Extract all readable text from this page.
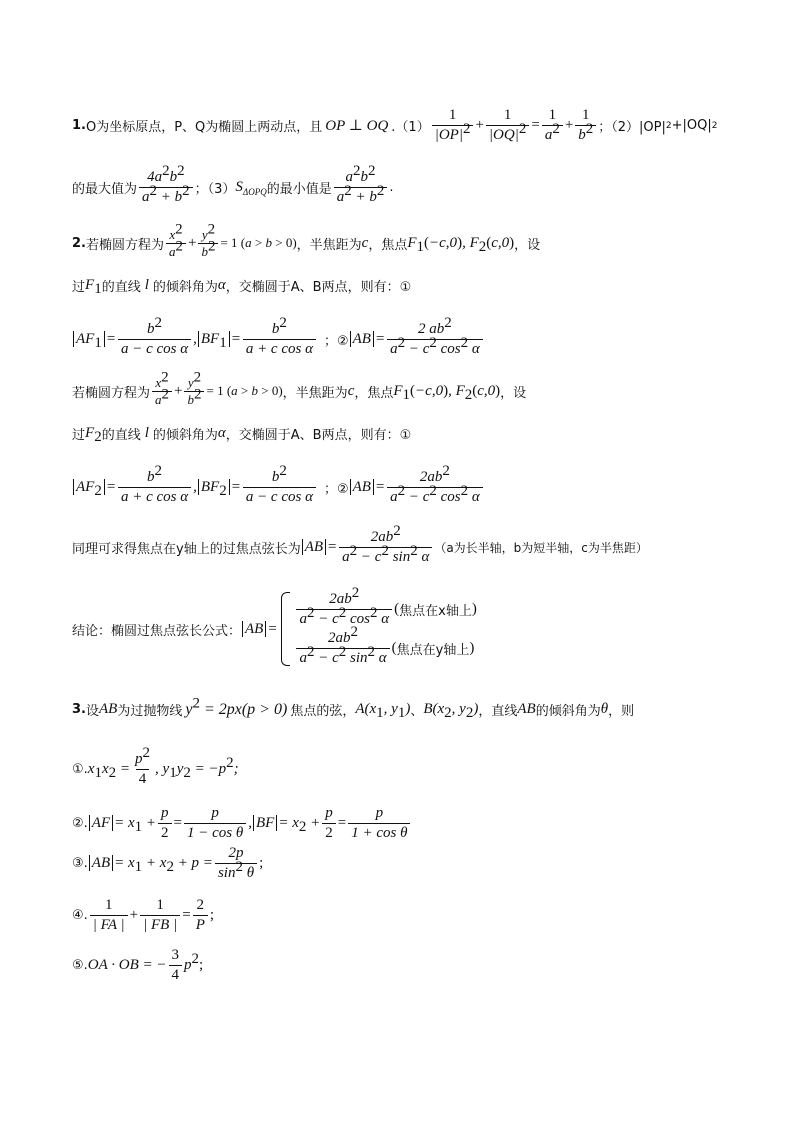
1. O为坐标原点，P、Q为椭圆上两动点，且 OP ⊥ OQ $.(1) \frac{1}{|OP|^2} + \frac{1}{|OQ|^2} = \frac{1}{a^2} + \frac{1}{b^2}$ ；（2）|OP| 2 +|OQ| 2
的最大值为 $\frac{4a^2b^2}{a^2 + b^2}$ ；（3） $S_{\Delta OPQ}$ 的最小值是 $\frac{a^2b^2}{a^2 + b^2}$ .
2. 若椭圆方程为 $\frac{x^2}{a^2} + \frac{y^2}{b^2} = 1$ (a > b > 0) ，半焦距为 c ，焦点 $F_1(-c,0)$, $F_2(c,0)$ ，设
过 $F_1$ 的直线 l 的倾斜角为 α ，交椭圆于A、B两点，则有：①
$AF_1 = \frac{b^2}{\text{a − c cos α}}$ , $BF_1 = \frac{b^2}{\text{a + c cos α}}$ ；② AB = $\frac{2 ab^2}{a^2 - c^2 \cos^2 \alpha}$
若椭圆方程为 $\frac{x^2}{a^2} + \frac{y^2}{b^2} = 1$ (a > b > 0) ，半焦距为 c ，焦点 $F_1(-c,0)$, $F_2(c,0)$ ，设
过 $F_2$ 的直线 l 的倾斜角为 α ，交椭圆于A、B两点，则有：①
$AF_2 = \frac{b^2}{\text{a + c cos α}}$ , $BF_2 = \frac{b^2}{\text{a − c cos α}}$ ；② AB = $\frac{2ab^2}{a^2 - c^2 \cos^2 \alpha}$
同理可求得焦点在y轴上的过焦点弦长为 AB = $\frac{2ab^2}{a^2 - c^2 \sin^2 \alpha} (a$为长半轴，b为短半轴，c为半焦距）
结论：椭圆过焦点弦长公式： AB =
$\frac{2ab^2}{a^2 - c^2 \cos^2 \alpha}$ ( 焦点在x轴上 )
$\frac{2ab^2}{a^2 - c^2 \sin^2 \alpha}$ ( 焦点在y轴上 )
3. 设 AB 为过抛物线 $y^2 = 2px(p > 0)$ 焦点的弦， $A(x_1$, $y_1$) 、 $B(x_2$, $y_2$) ，直线 AB 的倾斜角为 θ ，则
①. $x_1x_2 = \frac{p^2}{4}$ , $y_1y_2 = -p^2$;
②. AF = $x_1 + \frac{p}{2} = \frac{p}{\text{1 − cos θ}}$ , BF = $x_2 + \frac{p}{2} = \frac{p}{\text{1 + cos θ}}$
③. AB = $x_1 + x_2 + p = \frac{2p}{\sin^2 \theta}$ ;
④. $\frac{1}{| FA |} + \frac{1}{| FB |} = \frac{2}{P}$ ;
⑤. OA · OB = − $\frac{3}{4} p^2$ ;
